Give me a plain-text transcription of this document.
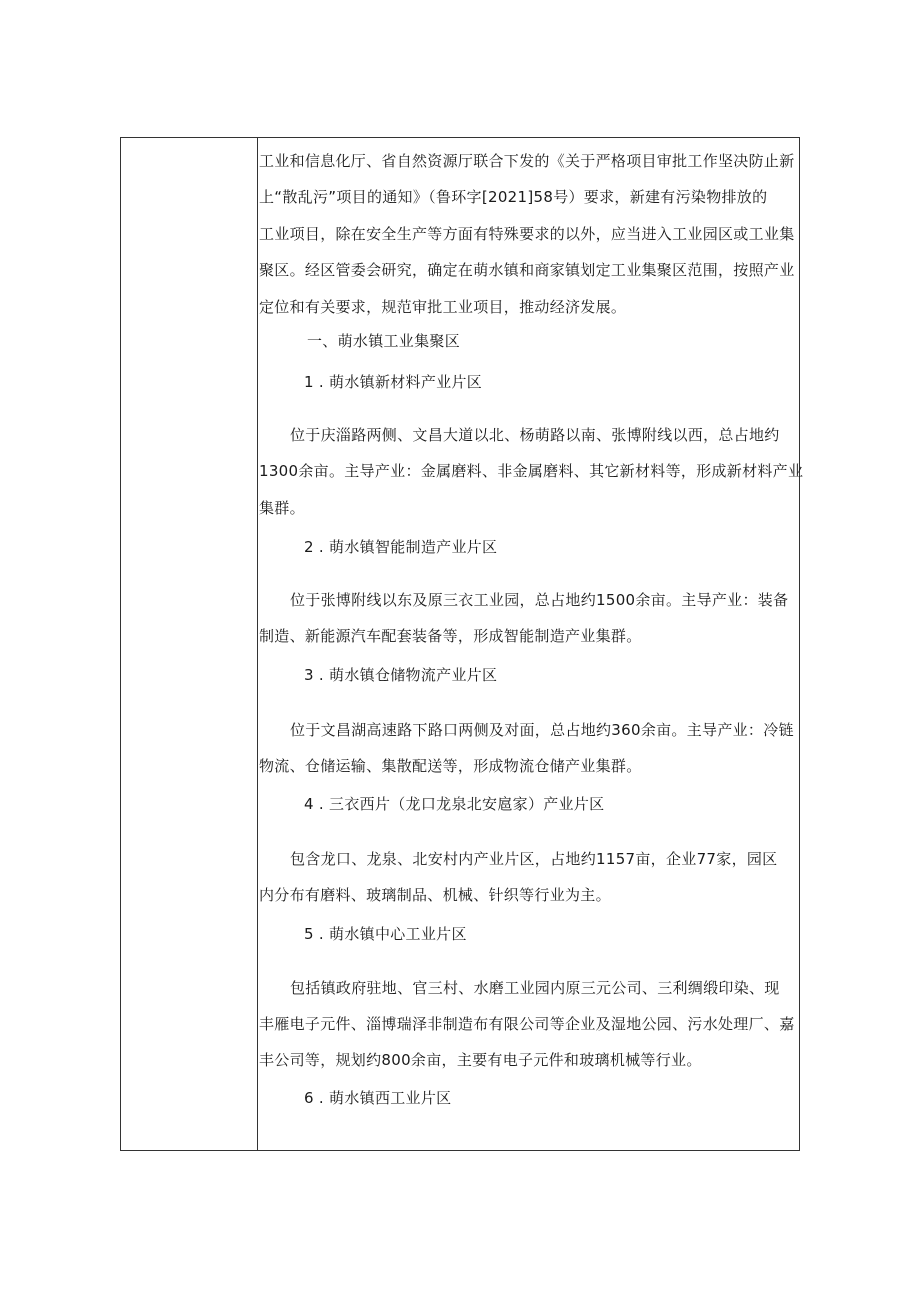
工业和信息化厅、省自然资源厅联合下发的《关于严格项目审批工作坚决防止新
上“散乱污”项目的通知》（鲁环字[2021]58号）要求，新建有污染物排放的
工业项目，除在安全生产等方面有特殊要求的以外，应当进入工业园区或工业集
聚区。经区管委会研究，确定在萌水镇和商家镇划定工业集聚区范围，按照产业
定位和有关要求，规范审批工业项目，推动经济发展。
一、萌水镇工业集聚区
1 . 萌水镇新材料产业片区
位于庆淄路两侧、文昌大道以北、杨萌路以南、张博附线以西，总占地约
1300余亩。主导产业：金属磨料、非金属磨料、其它新材料等，形成新材料产业
集群。
2 . 萌水镇智能制造产业片区
位于张博附线以东及原三衣工业园，总占地约1500余亩。主导产业：装备
制造、新能源汽车配套装备等，形成智能制造产业集群。
3 . 萌水镇仓储物流产业片区
位于文昌湖高速路下路口两侧及对面，总占地约360余亩。主导产业：冷链
物流、仓储运输、集散配送等，形成物流仓储产业集群。
4 . 三衣西片（龙口龙泉北安扈家）产业片区
包含龙口、龙泉、北安村内产业片区，占地约1157亩，企业77家，园区
内分布有磨料、玻璃制品、机械、针织等行业为主。
5 . 萌水镇中心工业片区
包括镇政府驻地、官三村、水磨工业园内原三元公司、三利绸缎印染、现
丰雁电子元件、淄博瑞泽非制造布有限公司等企业及湿地公园、污水处理厂、嘉
丰公司等，规划约800余亩，主要有电子元件和玻璃机械等行业。
6 . 萌水镇西工业片区
